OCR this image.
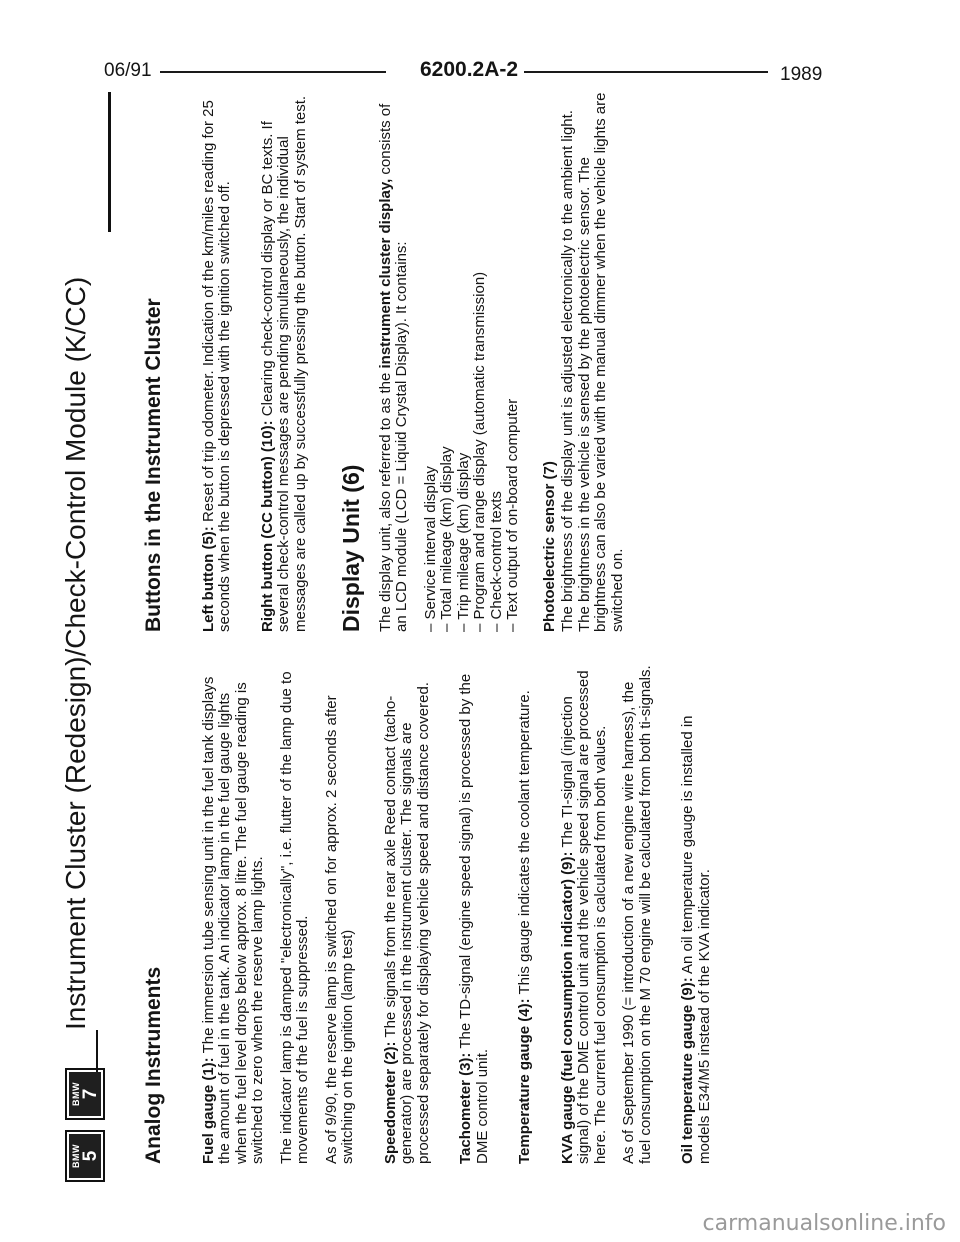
06/91	6200.2A-2	1989
Instrument Cluster (Redesign)/Check-Control Module (K/CC)
BMW 5
BMW 7 Analog Instruments Fuel gauge (1): The immersion tube sensing unit in the fuel tank displays the amount of fuel in the tank. An indicator lamp in the fuel gauge lights when the fuel level drops below approx. 8 litre. The fuel gauge reading is switched to zero when the reserve lamp lights. The indicator lamp is damped "electronically", i.e. flutter of the lamp due to movements of the fuel is suppressed. As of 9/90, the reserve lamp is switched on for approx. 2 seconds after switching on the ignition (lamp test) Speedometer (2): The signals from the rear axle Reed contact (tacho-generator) are processed in the instrument cluster. The signals are processed separately for displaying vehicle speed and distance covered. Tachometer (3): The TD-signal (engine speed signal) is processed by the DME control unit. Temperature gauge (4): This gauge indicates the coolant temperature.

KVA gauge (fuel consumption indicator) (9): The TI-signal (injection signal) of the DME control unit and the vehicle speed signal are processed here. The current fuel consumption is calculated from both values. As of September 1990 (= introduction of a new engine wire harness), the fuel consumption on the M 70 engine will be calculated from both ti-signals. Oil temperature gauge (9): An oil temperature gauge is installed in models E34/M5 instead of the KVA indicator.

Buttons in the Instrument Cluster Left button (5): Reset of trip odometer. Indication of the km/miles reading for 25 seconds when the button is depressed with the ignition switched off. Right button (CC button) (10): Clearing check-control display or BC texts. If several check-control messages are pending simultaneously, the individual messages are called up by successfully pressing the button. Start of system test. Display Unit (6) The display unit, also referred to as the instrument cluster display, consists of an LCD module (LCD = Liquid Crystal Display). It contains: – Service interval display – Total mileage (km) display – Trip mileage (km) display – Program and range display (automatic transmission) – Check-control texts – Text output of on-board computer Photoelectric sensor (7) The brightness of the display unit is adjusted electronically to the ambient light. The brightness in the vehicle is sensed by the photoelectric sensor. The brightness can also be varied with the manual dimmer when the vehicle lights are switched on.

carmanualsonline.info
